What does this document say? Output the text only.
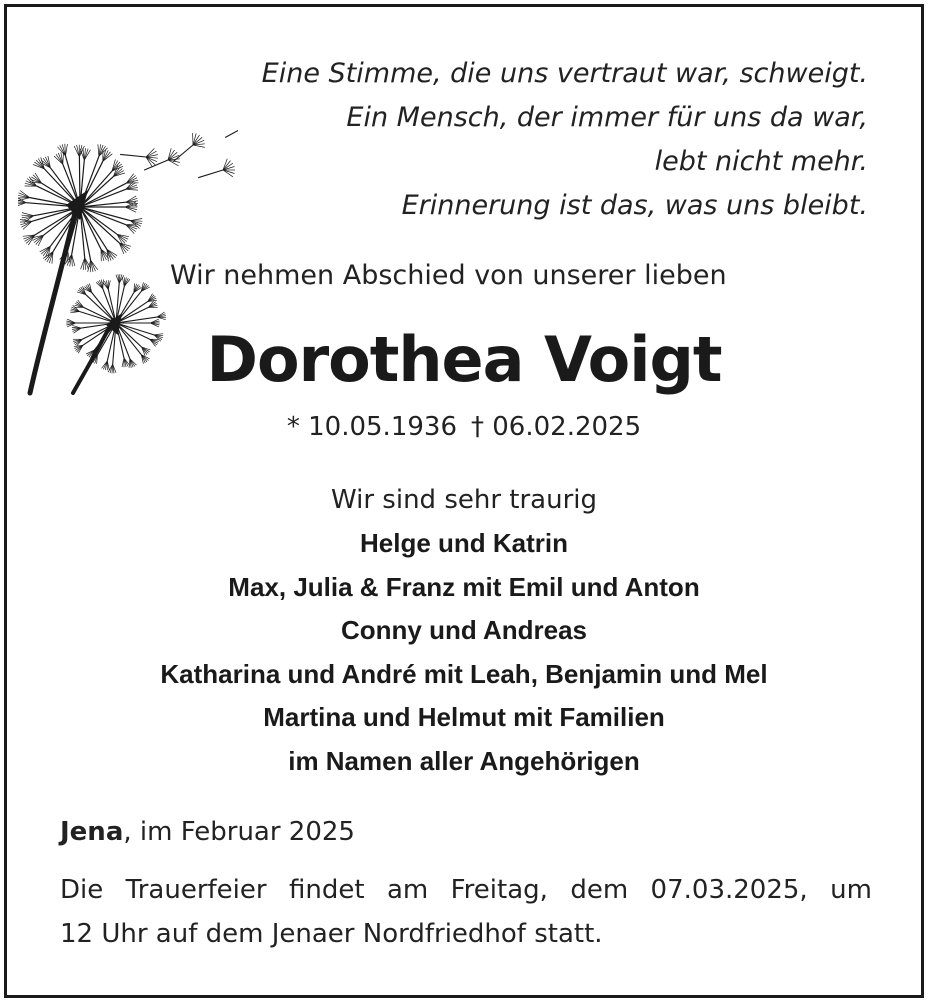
Eine Stimme, die uns vertraut war, schweigt.
Ein Mensch, der immer für uns da war,
lebt nicht mehr.
Erinnerung ist das, was uns bleibt.
Wir nehmen Abschied von unserer lieben
Dorothea Voigt
* 10.05.1936 † 06.02.2025
Wir sind sehr traurig
Helge und Katrin
Max, Julia & Franz mit Emil und Anton
Conny und Andreas
Katharina und André mit Leah, Benjamin und Mel
Martina und Helmut mit Familien
im Namen aller Angehörigen
Jena, im Februar 2025
Die Trauerfeier findet am Freitag, dem 07.03.2025, um
12 Uhr auf dem Jenaer Nordfriedhof statt.
